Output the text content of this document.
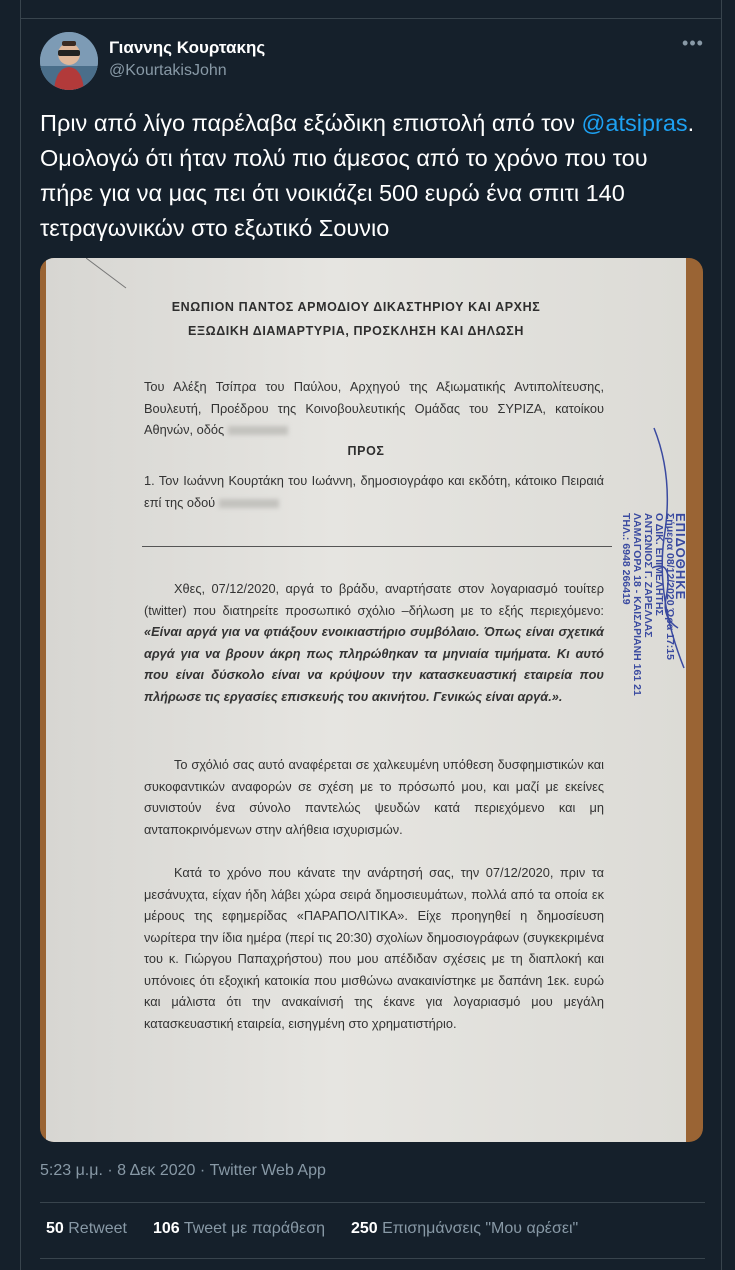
Γιαννης Κουρτακης
@KourtakisJohn
•••
Πριν από λίγο παρέλαβα εξώδικη επιστολή από τον @atsipras. Ομολογώ ότι ήταν πολύ πιο άμεσος από το χρόνο που του πήρε για να μας πει ότι νοικιάζει 500 ευρώ ένα σπιτι 140 τετραγωνικών στο εξωτικό Σουνιο
ΕΝΩΠΙΟΝ ΠΑΝΤΟΣ ΑΡΜΟΔΙΟΥ ΔΙΚΑΣΤΗΡΙΟΥ ΚΑΙ ΑΡΧΗΣ
ΕΞΩΔΙΚΗ ΔΙΑΜΑΡΤΥΡΙΑ, ΠΡΟΣΚΛΗΣΗ ΚΑΙ ΔΗΛΩΣΗ
Του Αλέξη Τσίπρα του Παύλου, Αρχηγού της Αξιωματικής Αντιπολίτευσης, Βουλευτή, Προέδρου της Κοινοβουλευτικής Ομάδας του ΣΥΡΙΖΑ, κατοίκου Αθηνών, οδός
ΠΡΟΣ
1. Τον Ιωάννη Κουρτάκη του Ιωάννη, δημοσιογράφο και εκδότη, κάτοικο Πειραιά επί της οδού
Χθες, 07/12/2020, αργά το βράδυ, αναρτήσατε στον λογαριασμό τουίτερ (twitter) που διατηρείτε προσωπικό σχόλιο –δήλωση με το εξής περιεχόμενο: «Είναι αργά για να φτιάξουν ενοικιαστήριο συμβόλαιο. Όπως είναι σχετικά αργά για να βρουν άκρη πως πληρώθηκαν τα μηνιαία τιμήματα. Κι αυτό που είναι δύσκολο είναι να κρύψουν την κατασκευαστική εταιρεία που πλήρωσε τις εργασίες επισκευής του ακινήτου. Γενικώς είναι αργά.».
Το σχόλιό σας αυτό αναφέρεται σε χαλκευμένη υπόθεση δυσφημιστικών και συκοφαντικών αναφορών σε σχέση με το πρόσωπό μου, και μαζί με εκείνες συνιστούν ένα σύνολο παντελώς ψευδών κατά περιεχόμενο και μη ανταποκρινόμενων στην αλήθεια ισχυρισμών.
Κατά το χρόνο που κάνατε την ανάρτησή σας, την 07/12/2020, πριν τα μεσάνυχτα, είχαν ήδη λάβει χώρα σειρά δημοσιευμάτων, πολλά από τα οποία εκ μέρους της εφημερίδας «ΠΑΡΑΠΟΛΙΤΙΚΑ». Είχε προηγηθεί η δημοσίευση νωρίτερα την ίδια ημέρα (περί τις 20:30) σχολίων δημοσιογράφων (συγκεκριμένα του κ. Γιώργου Παπαχρήστου) που μου απέδιδαν σχέσεις με τη διαπλοκή και υπόνοιες ότι εξοχική κατοικία που μισθώνω ανακαινίστηκε με δαπάνη 1εκ. ευρώ και μάλιστα ότι την ανακαίνισή της έκανε για λογαριασμό μου μεγάλη κατασκευαστική εταιρεία, εισηγμένη στο χρηματιστήριο.
ΕΠΙΔΟΘΗΚΕ
Σήμερα 08/12/2020 Ώρα 17:15
Ο ΔΙΚ. ΕΠΙΜΕΛΗΤΗΣ
ΑΝΤΩΝΙΟΣ Γ. ΖΑΡΕΛΛΑΣ
ΛΑΜΑΓΟΡΑ 18 - ΚΑΙΣΑΡΙΑΝΗ 161 21
ΤΗΛ.: 6948 266419
5:23 μ.μ. · 8 Δεκ 2020 · Twitter Web App
50 Retweet 106 Tweet με παράθεση 250 Επισημάνσεις "Μου αρέσει"
